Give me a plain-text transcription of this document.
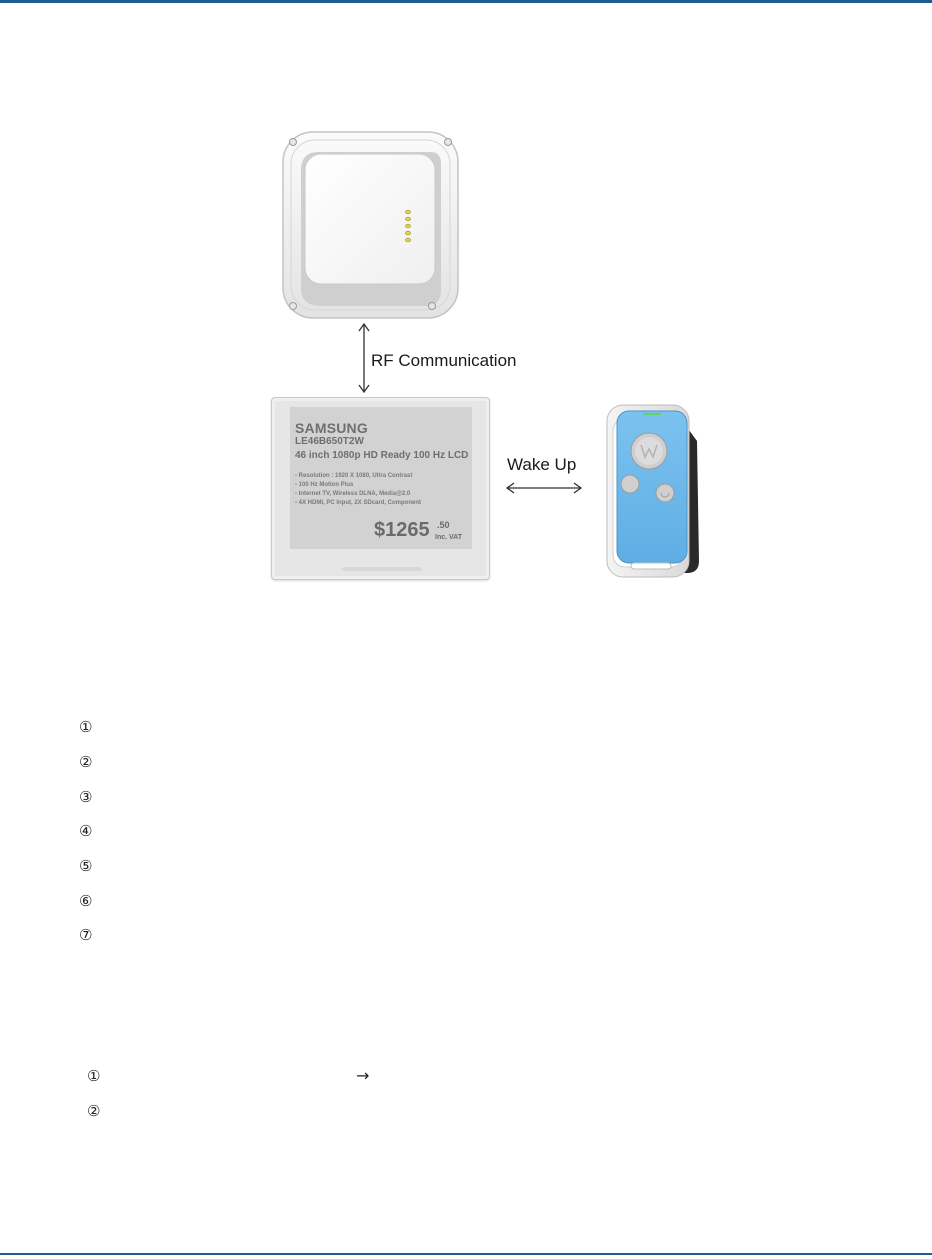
RF Communication
SAMSUNG
LE46B650T2W
46 inch 1080p HD Ready 100 Hz LCD
- Resolution : 1920 X 1080, Ultra Contrast
- 100 Hz Motion Plus
- Internet TV, Wireless DLNA, Media@2.0
- 4X HDMI, PC Input, 2X SDcard, Component
$1265 .50
Inc. VAT
Wake Up
①
②
③
④
⑤
⑥
⑦
①	→
②
